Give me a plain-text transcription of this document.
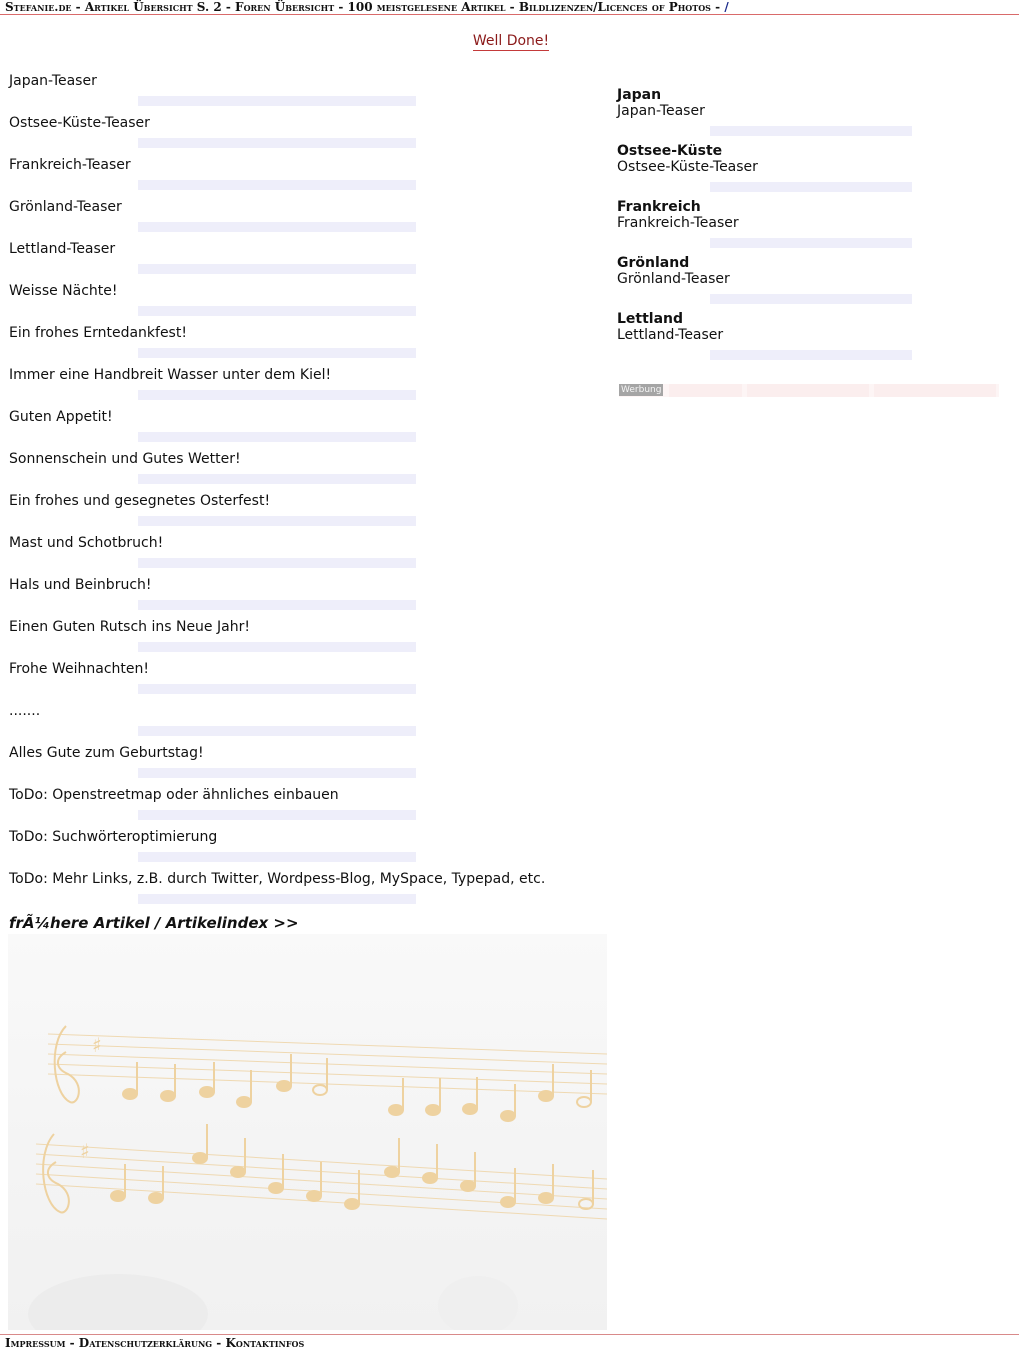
Stefanie.de - Artikel Übersicht S. 2 - Foren Übersicht - 100 meistgelesene Artikel - Bildlizenzen/Licences of Photos - /
Well Done!
Japan-Teaser
Ostsee-Küste-Teaser
Frankreich-Teaser
Grönland-Teaser
Lettland-Teaser
Weisse Nächte!
Ein frohes Erntedankfest!
Immer eine Handbreit Wasser unter dem Kiel!
Guten Appetit!
Sonnenschein und Gutes Wetter!
Ein frohes und gesegnetes Osterfest!
Mast und Schotbruch!
Hals und Beinbruch!
Einen Guten Rutsch ins Neue Jahr!
Frohe Weihnachten!
.......
Alles Gute zum Geburtstag!
ToDo: Openstreetmap oder ähnliches einbauen
ToDo: Suchwörteroptimierung
ToDo: Mehr Links, z.B. durch Twitter, Wordpess-Blog, MySpace, Typepad, etc.
frÃ¼here Artikel / Artikelindex >>
♯
♯
Japan
Japan-Teaser
Ostsee-Küste
Ostsee-Küste-Teaser
Frankreich
Frankreich-Teaser
Grönland
Grönland-Teaser
Lettland
Lettland-Teaser
Werbung
Impressum - Datenschutzerklärung - Kontaktinfos
